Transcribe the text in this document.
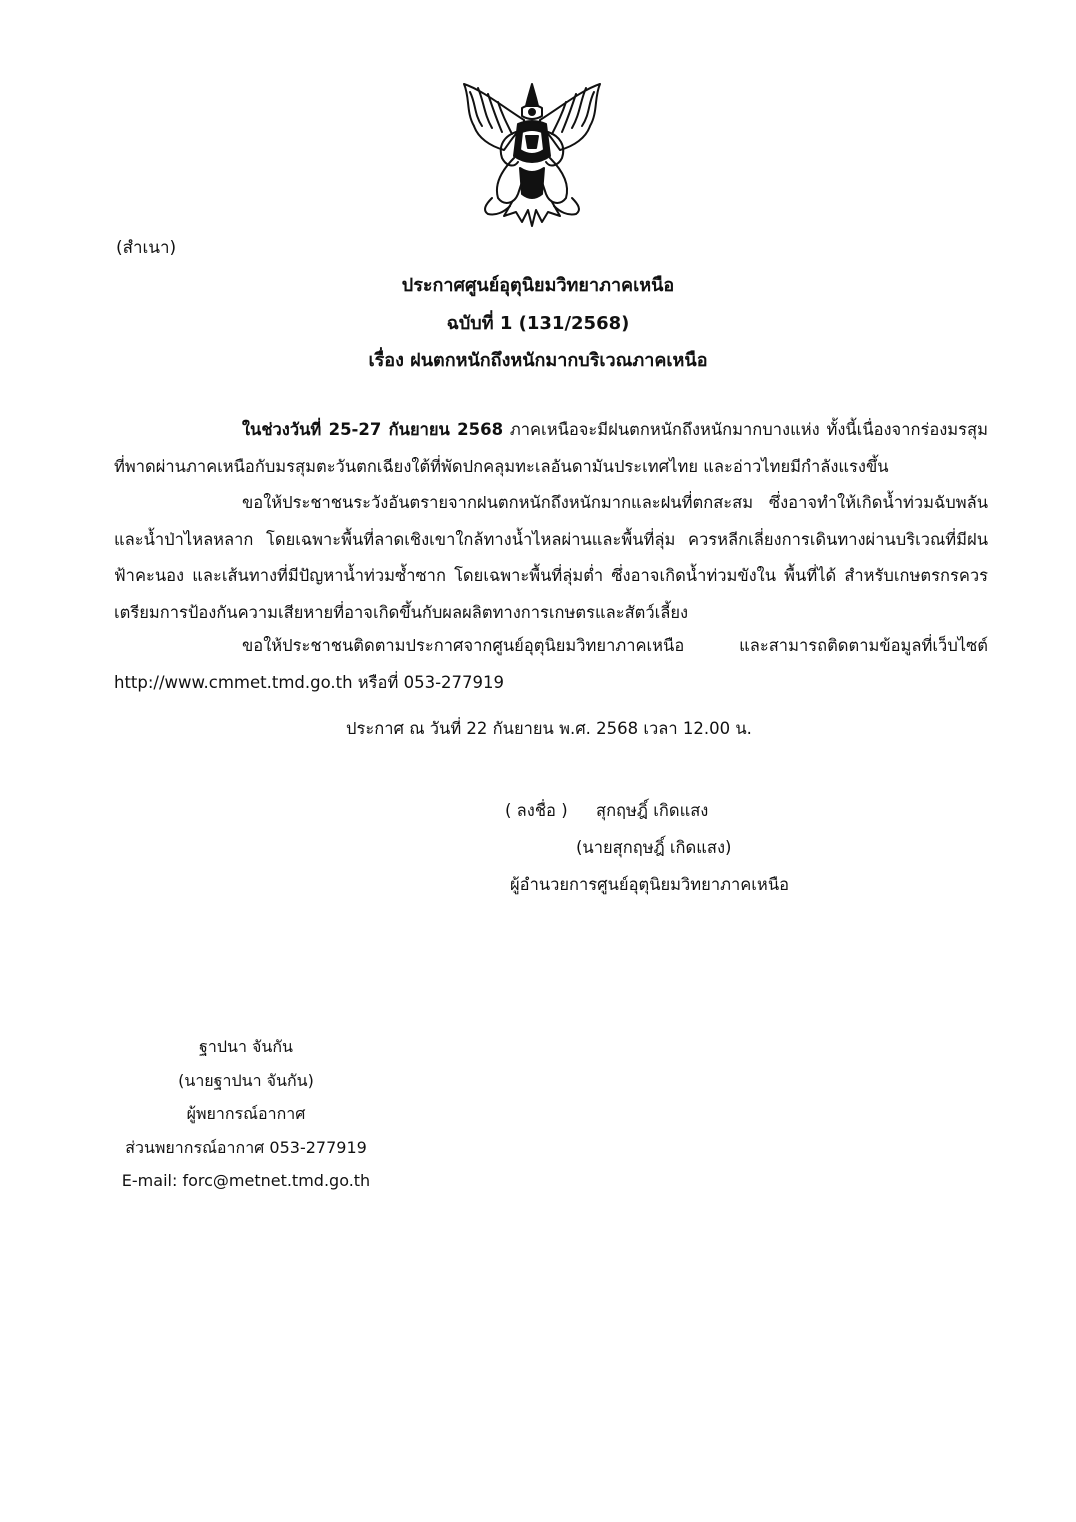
(สำเนา)
ประกาศศูนย์อุตุนิยมวิทยาภาคเหนือ
ฉบับที่ 1 (131/2568)
เรื่อง ฝนตกหนักถึงหนักมากบริเวณภาคเหนือ
ในช่วงวันที่ 25-27 กันยายน 2568 ภาคเหนือจะมีฝนตกหนักถึงหนักมากบางแห่ง ทั้งนี้เนื่องจากร่องมรสุมที่พาดผ่านภาคเหนือกับมรสุมตะวันตกเฉียงใต้ที่พัดปกคลุมทะเลอันดามันประเทศไทย และอ่าวไทยมีกำลังแรงขึ้น
ขอให้ประชาชนระวังอันตรายจากฝนตกหนักถึงหนักมากและฝนที่ตกสะสม ซึ่งอาจทำให้เกิดน้ำท่วมฉับพลันและน้ำป่าไหลหลาก โดยเฉพาะพื้นที่ลาดเชิงเขาใกล้ทางน้ำไหลผ่านและพื้นที่ลุ่ม ควรหลีกเลี่ยงการเดินทางผ่านบริเวณที่มีฝนฟ้าคะนอง และเส้นทางที่มีปัญหาน้ำท่วมซ้ำซาก โดยเฉพาะพื้นที่ลุ่มต่ำ ซึ่งอาจเกิดน้ำท่วมขังใน พื้นที่ได้ สำหรับเกษตรกรควรเตรียมการป้องกันความเสียหายที่อาจเกิดขึ้นกับผลผลิตทางการเกษตรและสัตว์เลี้ยง
ขอให้ประชาชนติดตามประกาศจากศูนย์อุตุนิยมวิทยาภาคเหนือ และสามารถติดตามข้อมูลที่เว็บไซต์ http://www.cmmet.tmd.go.th หรือที่ 053-277919
ประกาศ ณ วันที่ 22 กันยายน พ.ศ. 2568 เวลา 12.00 น.
( ลงชื่อ ) สุกฤษฎิ์ เกิดแสง
(นายสุกฤษฎิ์ เกิดแสง)
ผู้อำนวยการศูนย์อุตุนิยมวิทยาภาคเหนือ
ฐาปนา จันกัน
(นายฐาปนา จันกัน)
ผู้พยากรณ์อากาศ
ส่วนพยากรณ์อากาศ 053-277919
E-mail: forc@metnet.tmd.go.th
